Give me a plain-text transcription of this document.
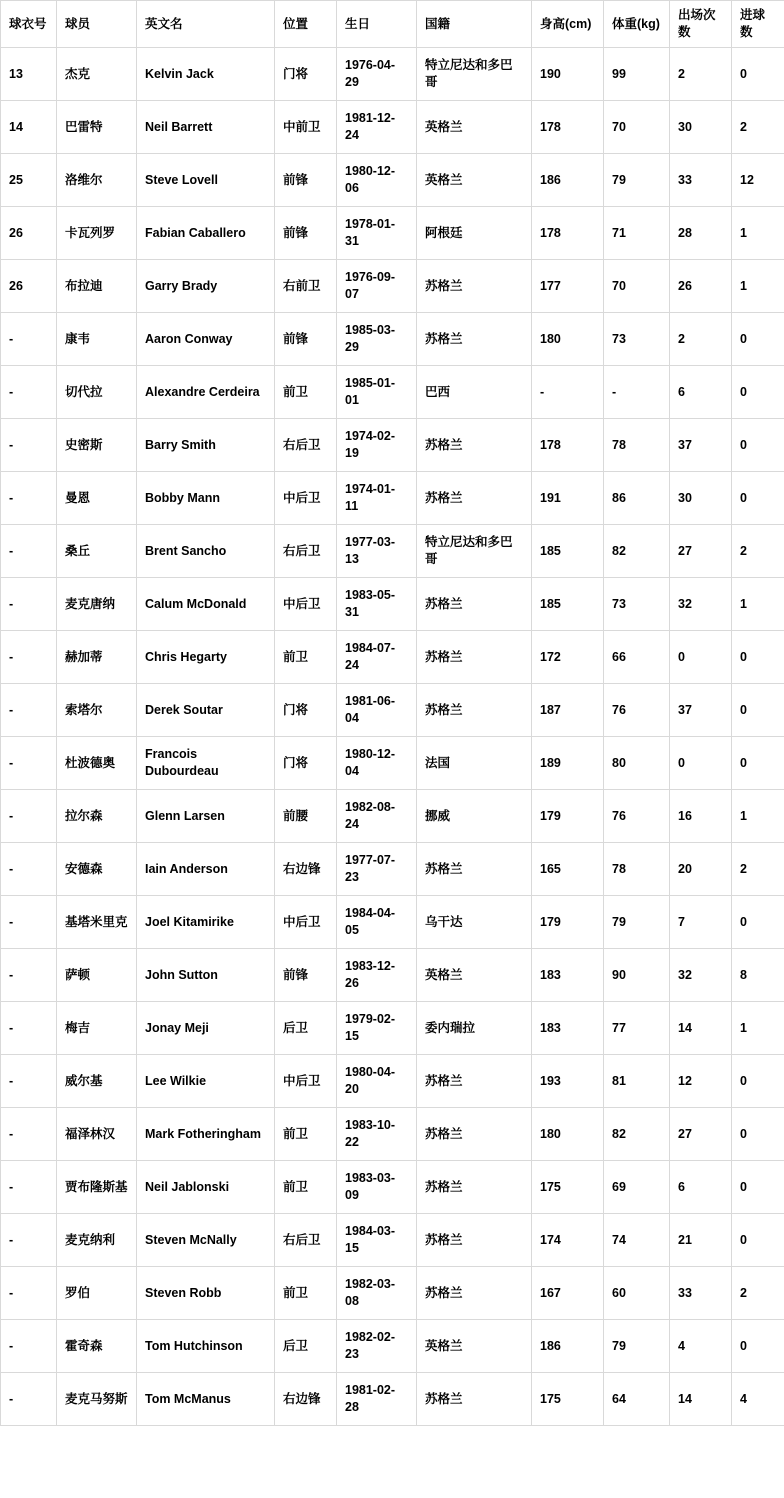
球衣号	球员	英文名	位置	生日	国籍	身高(cm)	体重(kg)	出场次数	进球数
13	杰克	Kelvin Jack	门将	1976-04-29	特立尼达和多巴哥	190	99	2	0
14	巴雷特	Neil Barrett	中前卫	1981-12-24	英格兰	178	70	30	2
25	洛维尔	Steve Lovell	前锋	1980-12-06	英格兰	186	79	33	12
26	卡瓦列罗	Fabian Caballero	前锋	1978-01-31	阿根廷	178	71	28	1
26	布拉迪	Garry Brady	右前卫	1976-09-07	苏格兰	177	70	26	1
-	康韦	Aaron Conway	前锋	1985-03-29	苏格兰	180	73	2	0
-	切代拉	Alexandre Cerdeira	前卫	1985-01-01	巴西	-	-	6	0
-	史密斯	Barry Smith	右后卫	1974-02-19	苏格兰	178	78	37	0
-	曼恩	Bobby Mann	中后卫	1974-01-11	苏格兰	191	86	30	0
-	桑丘	Brent Sancho	右后卫	1977-03-13	特立尼达和多巴哥	185	82	27	2
-	麦克唐纳	Calum McDonald	中后卫	1983-05-31	苏格兰	185	73	32	1
-	赫加蒂	Chris Hegarty	前卫	1984-07-24	苏格兰	172	66	0	0
-	索塔尔	Derek Soutar	门将	1981-06-04	苏格兰	187	76	37	0
-	杜波德奥	Francois Dubourdeau	门将	1980-12-04	法国	189	80	0	0
-	拉尔森	Glenn Larsen	前腰	1982-08-24	挪威	179	76	16	1
-	安德森	Iain Anderson	右边锋	1977-07-23	苏格兰	165	78	20	2
-	基塔米里克	Joel Kitamirike	中后卫	1984-04-05	乌干达	179	79	7	0
-	萨顿	John Sutton	前锋	1983-12-26	英格兰	183	90	32	8
-	梅吉	Jonay Meji	后卫	1979-02-15	委内瑞拉	183	77	14	1
-	威尔基	Lee Wilkie	中后卫	1980-04-20	苏格兰	193	81	12	0
-	福泽林汉	Mark Fotheringham	前卫	1983-10-22	苏格兰	180	82	27	0
-	贾布隆斯基	Neil Jablonski	前卫	1983-03-09	苏格兰	175	69	6	0
-	麦克纳利	Steven McNally	右后卫	1984-03-15	苏格兰	174	74	21	0
-	罗伯	Steven Robb	前卫	1982-03-08	苏格兰	167	60	33	2
-	霍奇森	Tom Hutchinson	后卫	1982-02-23	英格兰	186	79	4	0
-	麦克马努斯	Tom McManus	右边锋	1981-02-28	苏格兰	175	64	14	4
